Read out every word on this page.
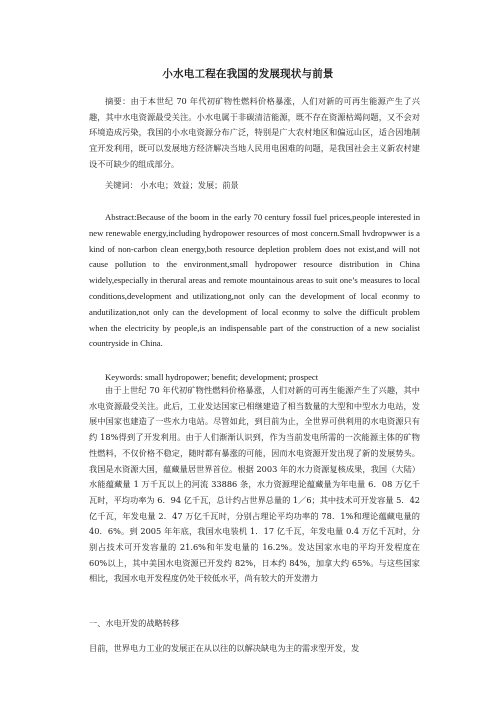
小水电工程在我国的发展现状与前景
摘要：由于本世纪 70 年代初矿物性燃料价格暴涨，人们对新的可再生能源产生了兴趣，其中水电资源最受关注。小水电属于非碳清洁能源，既不存在资源枯竭问题，又不会对环境造成污染，我国的小水电资源分布广泛，特别是广大农村地区和偏远山区，适合因地制宜开发利用，既可以发展地方经济解决当地人民用电困难的问题，是我国社会主义新农村建设不可缺少的组成部分。
关键词： 小水电；效益；发展；前景
Abstract:Because of the boom in the early 70 century fossil fuel prices,people interested in new renewable energy,including hydropower resources of most concern.Small hvdropwwer is a kind of non-carbon clean energy,both resource depletion problem does not exist,and will not cause pollution to the environment,small hydropower resource distribution in China widely,especially in therural areas and remote mountainous areas to suit one’s measures to local conditions,development and utilizationg,not only can the development of local econmy to andutilization,not only can the development of local econmy to solve the difficult problem when the electricity by people,is an indispensable part of the construction of a new socialist countryside in China.
Keywords: small hydropower; benefit; development; prospect
由于上世纪 70 年代初矿物性燃料价格暴涨，人们对新的可再生能源产生了兴趣，其中水电资源最受关注。此后，工业发达国家已相继建造了相当数量的大型和中型水力电站，发展中国家也建造了一些水力电站。尽管如此，到目前为止，全世界可供利用的水电资源只有约 18%得到了开发利用。由于人们渐渐认识到，作为当前发电所需的一次能源主体的矿物性燃料，不仅价格不稳定，随时都有暴涨的可能，因而水电资源开发出现了新的发展势头。我国是水资源大国，蕴藏量居世界首位。根据 2003 年的水力资源复核成果，我国（大陆）水能蕴藏量 1 万千瓦以上的河流 33886 条，水力资源理论蕴藏量为年电量 6．08 万亿千瓦时，平均功率为 6．94 亿千瓦，总计约占世界总量的 1／6；其中技术可开发容量 5．42 亿千瓦，年发电量 2．47 万亿千瓦时，分别占理论平均功率的 78．1%和理论蕴藏电量的 40．6%。到 2005 年年底，我国水电装机 1．17 亿千瓦，年发电量 0.4 万亿千瓦时，分别占技术可开发容量的 21.6%和年发电量的 16.2%。发达国家水电的平均开发程度在 60%以上，其中美国水电资源已开发约 82%，日本约 84%，加拿大约 65%。与这些国家相比，我国水电开发程度仍处于较低水平，尚有较大的开发潜力
一、水电开发的战略转移
目前，世界电力工业的发展正在从以往的以解决缺电为主的需求型开发，发
